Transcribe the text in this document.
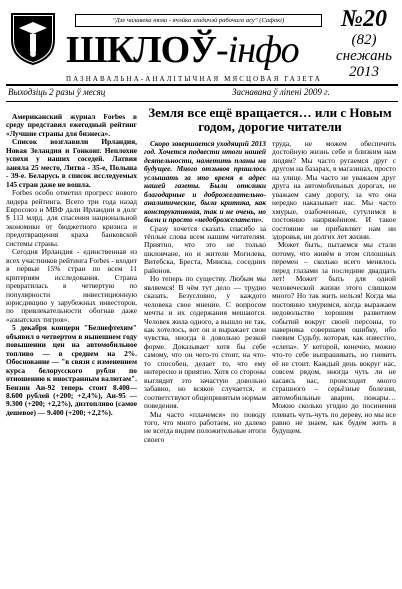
"Дзе чалавека няма - ячэйка згадачэй рабочага асу" (Сафокі)
ШКЛОЎ-інфо
№20
(82)
снежань
2013
ПАЗНАВАЛЬНА-АНАЛІТЫЧНАЯ МЯСЦОВАЯ ГАЗЕТА
Выходзіць 2 разы ў месяц	Заснавана ў лiпенi 2009 г.

Американский журнал Forbes в среду представил ежегодный рейтинг «Лучшие страны для бизнеса».

Список возглавили Ирландия, Новая Зеландия и Гонконг. Неплохие успехи у наших соседей. Латвия заняла 25 место, Литва - 35-е, Польша - 39-е. Беларусь в список исследуемых 145 стран даже не вошла.

Forbes особо отметил прогресс нового лидера рейтинга. Всего три года назад Евросоюз и МВФ дали Ирландии в долг $ 113 млрд. для спасения национальной экономики от бюджетного кризиса и предотвращения краха банковской системы страны.

Сегодня Ирландия - единственная из всех участников рейтинга Forbes - входит в первые 15% стран по всем 11 критериям исследования. Страна превратилась в четвертую по популярности инвестиционную юрисдикцию у зарубежных инвесторов, по привлекательности обогнав даже «азиатских тигров».

5 декабря концерн "Белнефтехим" объявил о четвертом в нынешнем году повышении цен на автомобильное топливо — в среднем на 2%. Обоснование — "в связи с изменением курса белорусского рубля по отношению к иностранным валютам". Бензин Аи-92 теперь стоит 8.400—8.600 рублей (+200; +2,4%), Аи-95 — 9.300 (+200; +2,2%), дизтопливо (самое дешевое) — 9.400 (+200; +2,2%).

Земля все ещё вращается… или с Новым годом, дорогие читатели

Скоро завершается уходящий 2013 год. Хочется подвести итоги нашей деятельности, наметить планы на будущее. Много отзывов пришлось услышать за это время в адрес нашей газеты. Были отклики благодарные и доброжелательно-аналитические, была критика, как конструктивная, так и не очень, но были и просто «недоброжелатели».

Сразу хочется сказать спасибо за тёплые слова всем нашим читателям. Приятно, что это не только шкловчане, но и жители Могилева, Витебска, Бреста, Минска, соседних районов.

Но теперь по существу. Любым мы являемся! В чём тут дело — трудно сказать. Безусловно, у каждого человека свое мнение. С вопросом мечты и их содержания мешаются. Человек жила одного, а вышло не так, как хотелось, вот он и выражает свои чувства, иногда в довольно резкой форме. Доказывает хотя бы себе самому, что он чего-то стоит, на что-то способен, делает то, что ему интересно и приятно. Хотя со стороны выглядит это зачастую довольно забавно, но всякое случается, и соответствуют общепринятым нормам поведения.

Мы часто «плачемся» по поводу того, что много работаем, но далеко не всегда видим положительные итоги своего

труда, не можем обеспечить достойную жизнь себе и близким нам людям? Мы часто ругаемся друг с другом на базарах, в магазинах, просто на улице. Мы часто не уважаем друг друга на автомобильных дорогах, не уважаем саму дорогу, за что она нередко наказывает нас. Мы часто хмурые, озабоченные, сутулимся в постоянно напряжённом. И такое состояние не прибавляет нам ни здоровья, ни долгих лет жизни.

Может быть, пытаемся мы стали потому, что живём в этом сплошных перемен – сколько всего менялось перед глазами за последние двадцать лет! Может быть для одной человеческой жизни этого слишком много? Но так жить нельзя! Когда мы постоянно хмуримся, когда выражаем недовольство хорошим развитием событий вокруг своей персоны, то наверняка совершаем ошибку, ибо гневим Судьбу, которая, как известно, «слепа». У которой, конечно, можно что-то себе выпрашивать, но гневить её не стоит. Каждый день вокруг нас, совсем рядом, иногда чуть ли не касаясь нас, происходит много страшного – серьёзные болезни, автомобильные аварии, пожары… Можно сколько угодно до посинения плевать чуть-чуть по дереву, но мы все равно не знаем, как будем жить в будущем.
